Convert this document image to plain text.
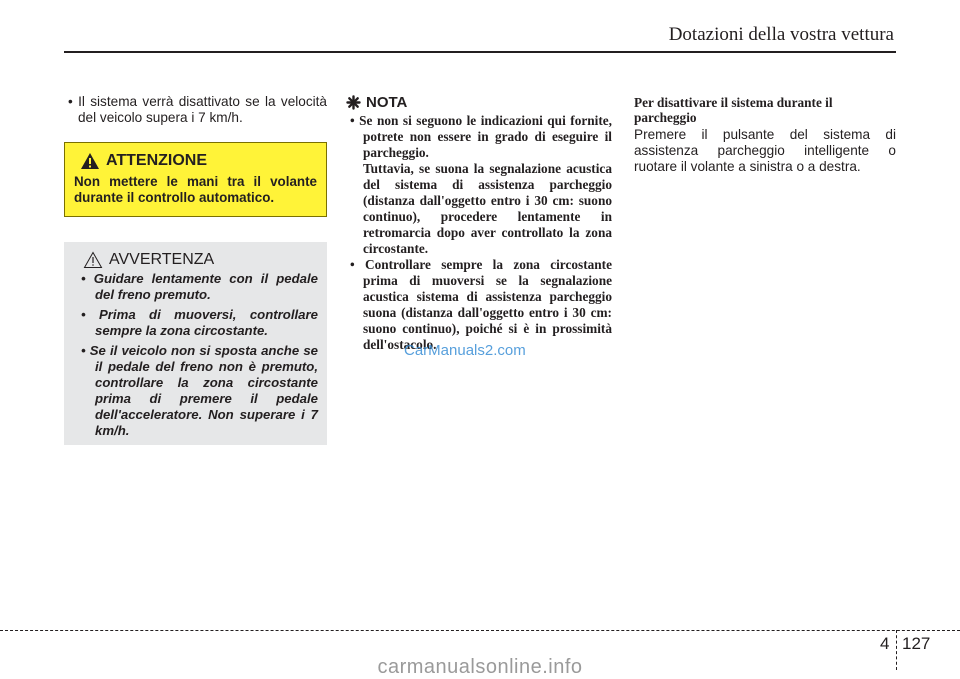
Dotazioni della vostra vettura

• Il sistema verrà disattivato se la velocità del veicolo supera i 7 km/h.

ATTENZIONE
Non mettere le mani tra il volante durante il controllo automatico.
AVVERTENZA

• Guidare lentamente con il pedale del freno premuto.

• Prima di muoversi, controllare sempre la zona circostante.

• Se il veicolo non si sposta anche se il pedale del freno non è premuto, controllare la zona circostante prima di premere il pedale dell'acceleratore. Non superare i 7 km/h.

NOTA

• Se non si seguono le indicazioni qui fornite, potrete non essere in grado di eseguire il parcheggio.

Tuttavia, se suona la segnalazione acustica del sistema di assistenza parcheggio (distanza dall'oggetto entro i 30 cm: suono continuo), procedere lentamente in retromarcia dopo aver controllato la zona circostante.

• Controllare sempre la zona circostante prima di muoversi se la segnalazione acustica sistema di assistenza parcheggio suona (distanza dall'oggetto entro i 30 cm: suono continuo), poiché si è in prossimità dell'ostacolo.

CarManuals2.com

Per disattivare il sistema durante il parcheggio

Premere il pulsante del sistema di assistenza parcheggio intelligente o ruotare il volante a sinistra o a destra.

4 127
carmanualsonline.info
